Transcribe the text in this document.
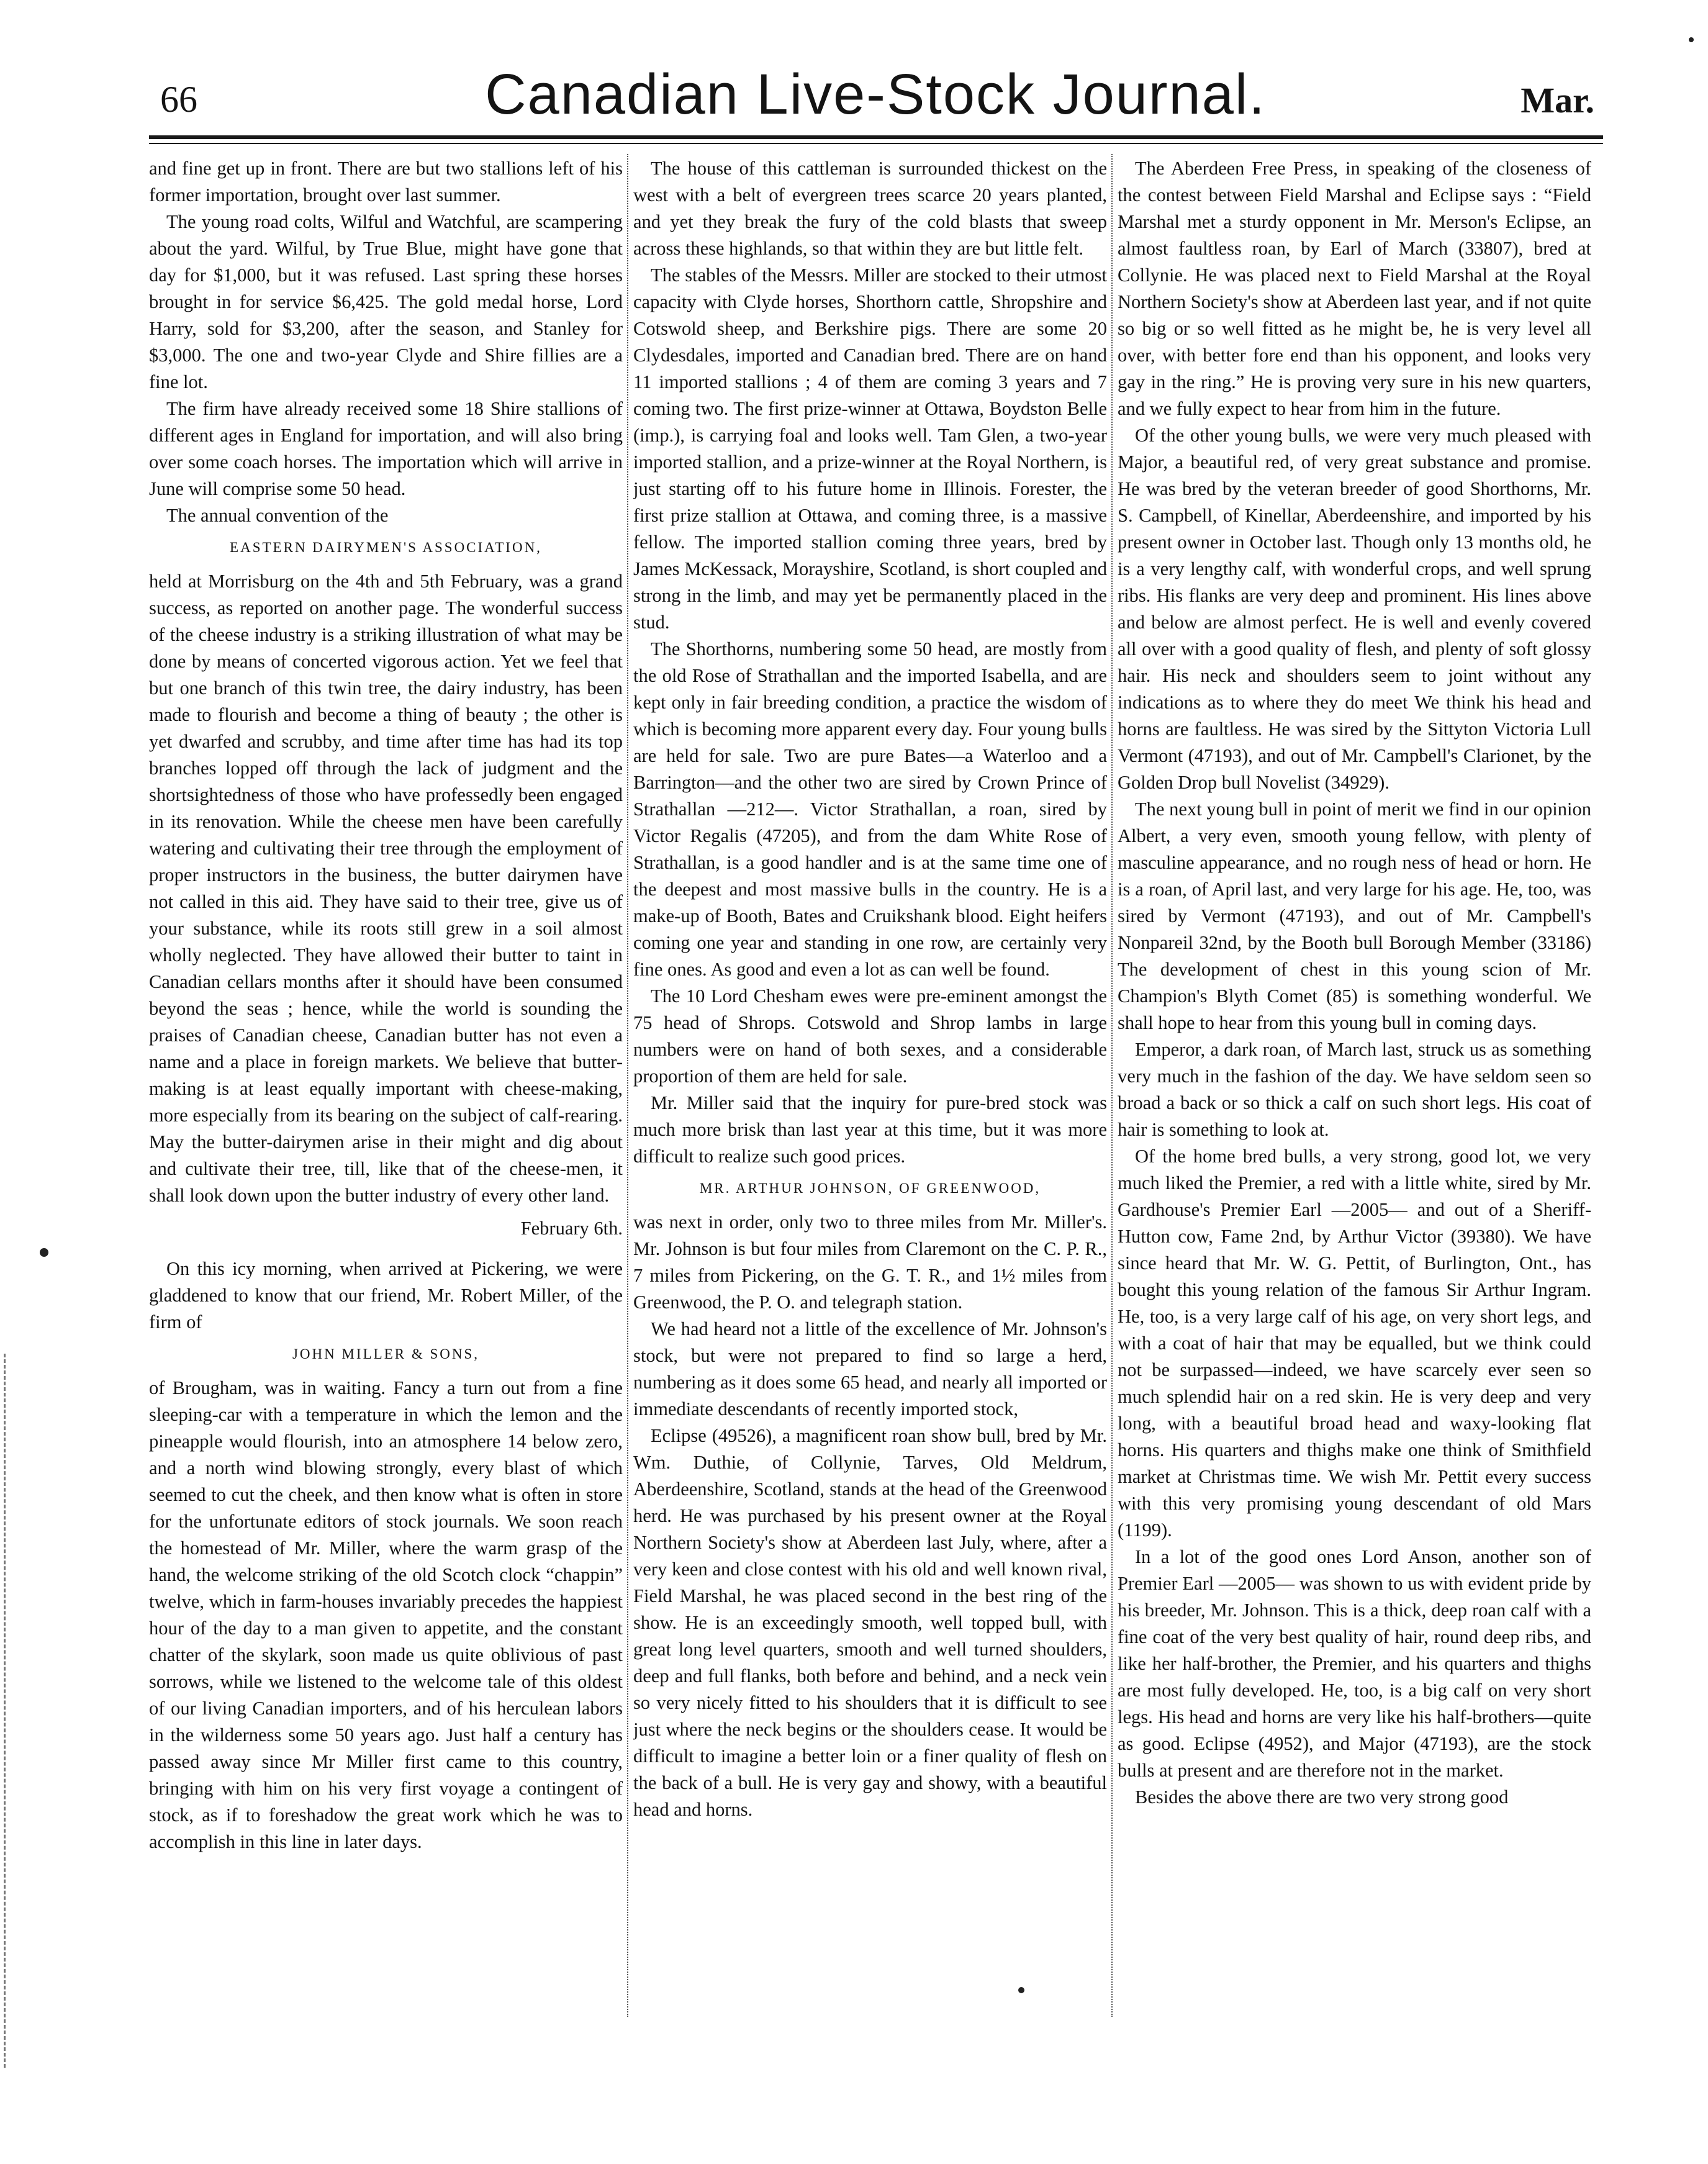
66	Canadian Live-Stock Journal.	Mar.

and fine get up in front. There are but two stallions left of his former importation, brought over last summer.

The young road colts, Wilful and Watchful, are scampering about the yard. Wilful, by True Blue, might have gone that day for $1,000, but it was refused. Last spring these horses brought in for service $6,425. The gold medal horse, Lord Harry, sold for $3,200, after the season, and Stanley for $3,000. The one and two-year Clyde and Shire fillies are a fine lot.

The firm have already received some 18 Shire stallions of different ages in England for importation, and will also bring over some coach horses. The importation which will arrive in June will comprise some 50 head.

The annual convention of the

EASTERN DAIRYMEN'S ASSOCIATION,

held at Morrisburg on the 4th and 5th February, was a grand success, as reported on another page. The wonderful success of the cheese industry is a striking illustration of what may be done by means of concerted vigorous action. Yet we feel that but one branch of this twin tree, the dairy industry, has been made to flourish and become a thing of beauty ; the other is yet dwarfed and scrubby, and time after time has had its top branches lopped off through the lack of judgment and the shortsightedness of those who have professedly been engaged in its renovation. While the cheese men have been carefully watering and cultivating their tree through the employment of proper instructors in the business, the butter dairymen have not called in this aid. They have said to their tree, give us of your substance, while its roots still grew in a soil almost wholly neglected. They have allowed their butter to taint in Canadian cellars months after it should have been consumed beyond the seas ; hence, while the world is sounding the praises of Canadian cheese, Canadian butter has not even a name and a place in foreign markets. We believe that butter-making is at least equally important with cheese-making, more especially from its bearing on the subject of calf-rearing. May the butter-dairymen arise in their might and dig about and cultivate their tree, till, like that of the cheese-men, it shall look down upon the butter industry of every other land.

February 6th.

On this icy morning, when arrived at Pickering, we were gladdened to know that our friend, Mr. Robert Miller, of the firm of

JOHN MILLER & SONS,

of Brougham, was in waiting. Fancy a turn out from a fine sleeping-car with a temperature in which the lemon and the pineapple would flourish, into an atmosphere 14 below zero, and a north wind blowing strongly, every blast of which seemed to cut the cheek, and then know what is often in store for the unfortunate editors of stock journals. We soon reach the homestead of Mr. Miller, where the warm grasp of the hand, the welcome striking of the old Scotch clock “chappin” twelve, which in farm-houses invariably precedes the happiest hour of the day to a man given to appetite, and the constant chatter of the skylark, soon made us quite oblivious of past sorrows, while we listened to the welcome tale of this oldest of our living Canadian importers, and of his herculean labors in the wilderness some 50 years ago. Just half a century has passed away since Mr Miller first came to this country, bringing with him on his very first voyage a contingent of stock, as if to foreshadow the great work which he was to accomplish in this line in later days.

The house of this cattleman is surrounded thickest on the west with a belt of evergreen trees scarce 20 years planted, and yet they break the fury of the cold blasts that sweep across these highlands, so that within they are but little felt.

The stables of the Messrs. Miller are stocked to their utmost capacity with Clyde horses, Shorthorn cattle, Shropshire and Cotswold sheep, and Berkshire pigs. There are some 20 Clydesdales, imported and Canadian bred. There are on hand 11 imported stallions ; 4 of them are coming 3 years and 7 coming two. The first prize-winner at Ottawa, Boydston Belle (imp.), is carrying foal and looks well. Tam Glen, a two-year imported stallion, and a prize-winner at the Royal Northern, is just starting off to his future home in Illinois. Forester, the first prize stallion at Ottawa, and coming three, is a massive fellow. The imported stallion coming three years, bred by James McKessack, Morayshire, Scotland, is short coupled and strong in the limb, and may yet be permanently placed in the stud.

The Shorthorns, numbering some 50 head, are mostly from the old Rose of Strathallan and the imported Isabella, and are kept only in fair breeding condition, a practice the wisdom of which is becoming more apparent every day. Four young bulls are held for sale. Two are pure Bates—a Waterloo and a Barrington—and the other two are sired by Crown Prince of Strathallan —212—. Victor Strathallan, a roan, sired by Victor Regalis (47205), and from the dam White Rose of Strathallan, is a good handler and is at the same time one of the deepest and most massive bulls in the country. He is a make-up of Booth, Bates and Cruikshank blood. Eight heifers coming one year and standing in one row, are certainly very fine ones. As good and even a lot as can well be found.

The 10 Lord Chesham ewes were pre-eminent amongst the 75 head of Shrops. Cotswold and Shrop lambs in large numbers were on hand of both sexes, and a considerable proportion of them are held for sale.

Mr. Miller said that the inquiry for pure-bred stock was much more brisk than last year at this time, but it was more difficult to realize such good prices.

MR. ARTHUR JOHNSON, OF GREENWOOD,

was next in order, only two to three miles from Mr. Miller's. Mr. Johnson is but four miles from Claremont on the C. P. R., 7 miles from Pickering, on the G. T. R., and 1½ miles from Greenwood, the P. O. and telegraph station.

We had heard not a little of the excellence of Mr. Johnson's stock, but were not prepared to find so large a herd, numbering as it does some 65 head, and nearly all imported or immediate descendants of recently imported stock,

Eclipse (49526), a magnificent roan show bull, bred by Mr. Wm. Duthie, of Collynie, Tarves, Old Meldrum, Aberdeenshire, Scotland, stands at the head of the Greenwood herd. He was purchased by his present owner at the Royal Northern Society's show at Aberdeen last July, where, after a very keen and close contest with his old and well known rival, Field Marshal, he was placed second in the best ring of the show. He is an exceedingly smooth, well topped bull, with great long level quarters, smooth and well turned shoulders, deep and full flanks, both before and behind, and a neck vein so very nicely fitted to his shoulders that it is difficult to see just where the neck begins or the shoulders cease. It would be difficult to imagine a better loin or a finer quality of flesh on the back of a bull. He is very gay and showy, with a beautiful head and horns.

The Aberdeen Free Press, in speaking of the closeness of the contest between Field Marshal and Eclipse says : “Field Marshal met a sturdy opponent in Mr. Merson's Eclipse, an almost faultless roan, by Earl of March (33807), bred at Collynie. He was placed next to Field Marshal at the Royal Northern Society's show at Aberdeen last year, and if not quite so big or so well fitted as he might be, he is very level all over, with better fore end than his opponent, and looks very gay in the ring.” He is proving very sure in his new quarters, and we fully expect to hear from him in the future.

Of the other young bulls, we were very much pleased with Major, a beautiful red, of very great substance and promise. He was bred by the veteran breeder of good Shorthorns, Mr. S. Campbell, of Kinellar, Aberdeenshire, and imported by his present owner in October last. Though only 13 months old, he is a very lengthy calf, with wonderful crops, and well sprung ribs. His flanks are very deep and prominent. His lines above and below are almost perfect. He is well and evenly covered all over with a good quality of flesh, and plenty of soft glossy hair. His neck and shoulders seem to joint without any indications as to where they do meet We think his head and horns are faultless. He was sired by the Sittyton Victoria Lull Vermont (47193), and out of Mr. Campbell's Clarionet, by the Golden Drop bull Novelist (34929).

The next young bull in point of merit we find in our opinion Albert, a very even, smooth young fellow, with plenty of masculine appearance, and no rough ness of head or horn. He is a roan, of April last, and very large for his age. He, too, was sired by Vermont (47193), and out of Mr. Campbell's Nonpareil 32nd, by the Booth bull Borough Member (33186) The development of chest in this young scion of Mr. Champion's Blyth Comet (85) is something wonderful. We shall hope to hear from this young bull in coming days.

Emperor, a dark roan, of March last, struck us as something very much in the fashion of the day. We have seldom seen so broad a back or so thick a calf on such short legs. His coat of hair is something to look at.

Of the home bred bulls, a very strong, good lot, we very much liked the Premier, a red with a little white, sired by Mr. Gardhouse's Premier Earl —2005— and out of a Sheriff-Hutton cow, Fame 2nd, by Arthur Victor (39380). We have since heard that Mr. W. G. Pettit, of Burlington, Ont., has bought this young relation of the famous Sir Arthur Ingram. He, too, is a very large calf of his age, on very short legs, and with a coat of hair that may be equalled, but we think could not be surpassed—indeed, we have scarcely ever seen so much splendid hair on a red skin. He is very deep and very long, with a beautiful broad head and waxy-looking flat horns. His quarters and thighs make one think of Smithfield market at Christmas time. We wish Mr. Pettit every success with this very promising young descendant of old Mars (1199).

In a lot of the good ones Lord Anson, another son of Premier Earl —2005— was shown to us with evident pride by his breeder, Mr. Johnson. This is a thick, deep roan calf with a fine coat of the very best quality of hair, round deep ribs, and like her half-brother, the Premier, and his quarters and thighs are most fully developed. He, too, is a big calf on very short legs. His head and horns are very like his half-brothers—quite as good. Eclipse (4952), and Major (47193), are the stock bulls at present and are therefore not in the market.

Besides the above there are two very strong good
